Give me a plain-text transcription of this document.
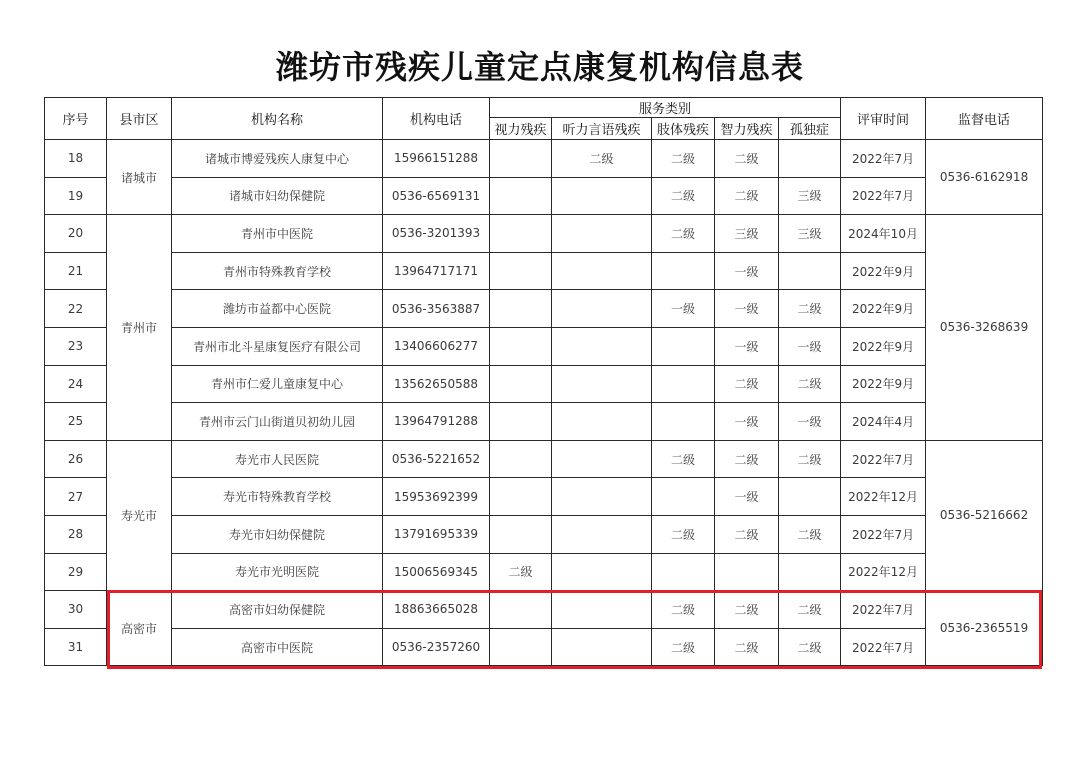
潍坊市残疾儿童定点康复机构信息表
序号	县市区	机构名称	机构电话	服务类别					评审时间	监督电话
				视力残疾	听力言语残疾	肢体残疾	智力残疾	孤独症		
18	诸城市	诸城市博爱残疾人康复中心	15966151288		二级	二级	二级		2022年7月	0536-6162918
19		诸城市妇幼保健院	0536-6569131			二级	二级	三级	2022年7月	
20	青州市	青州市中医院	0536-3201393			二级	三级	三级	2024年10月	0536-3268639
21		青州市特殊教育学校	13964717171				一级		2022年9月	
22		潍坊市益都中心医院	0536-3563887			一级	一级	二级	2022年9月	
23		青州市北斗星康复医疗有限公司	13406606277				一级	一级	2022年9月	
24		青州市仁爱儿童康复中心	13562650588				二级	二级	2022年9月	
25		青州市云门山街道贝初幼儿园	13964791288				一级	一级	2024年4月	
26	寿光市	寿光市人民医院	0536-5221652			二级	二级	二级	2022年7月	0536-5216662
27		寿光市特殊教育学校	15953692399				一级		2022年12月	
28		寿光市妇幼保健院	13791695339			二级	二级	二级	2022年7月	
29		寿光市光明医院	15006569345	二级					2022年12月	
30	高密市	高密市妇幼保健院	18863665028			二级	二级	二级	2022年7月	0536-2365519
31		高密市中医院	0536-2357260			二级	二级	二级	2022年7月	
